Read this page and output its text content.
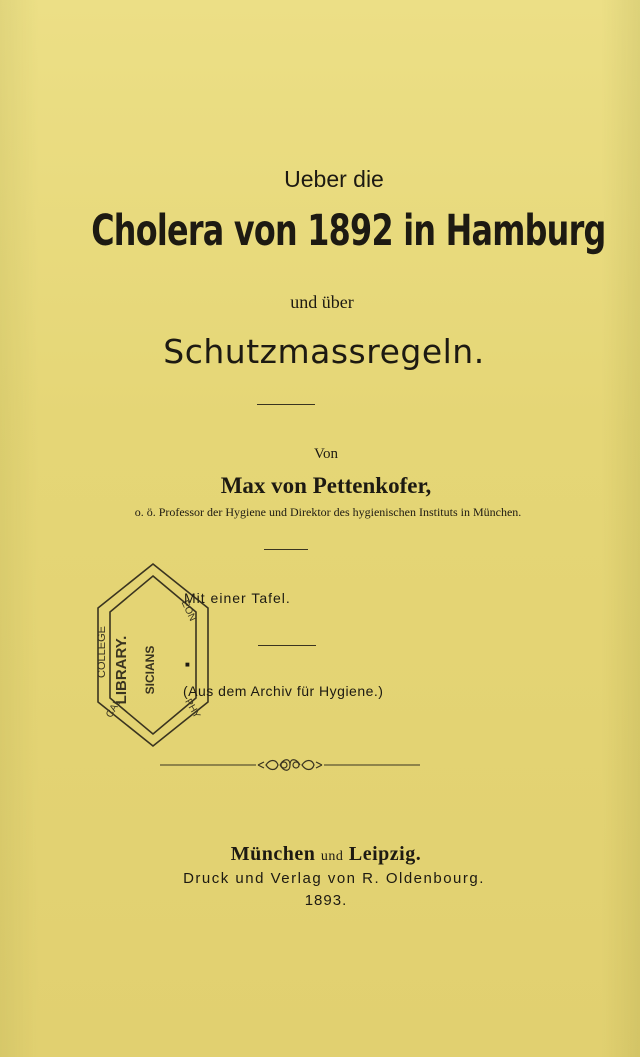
Ueber die
Cholera von 1892 in Hamburg
und über
Schutzmassregeln.
Von
Max von Pettenkofer,
o. ö. Professor der Hygiene und Direktor des hygienischen Instituts in München.
LIBRARY.
COLLEGE
EON
SICIANS
CAL	PHY
Mit einer Tafel.
■
(Aus dem Archiv für Hygiene.)
München und Leipzig.
Druck und Verlag von R. Oldenbourg.
1893.
